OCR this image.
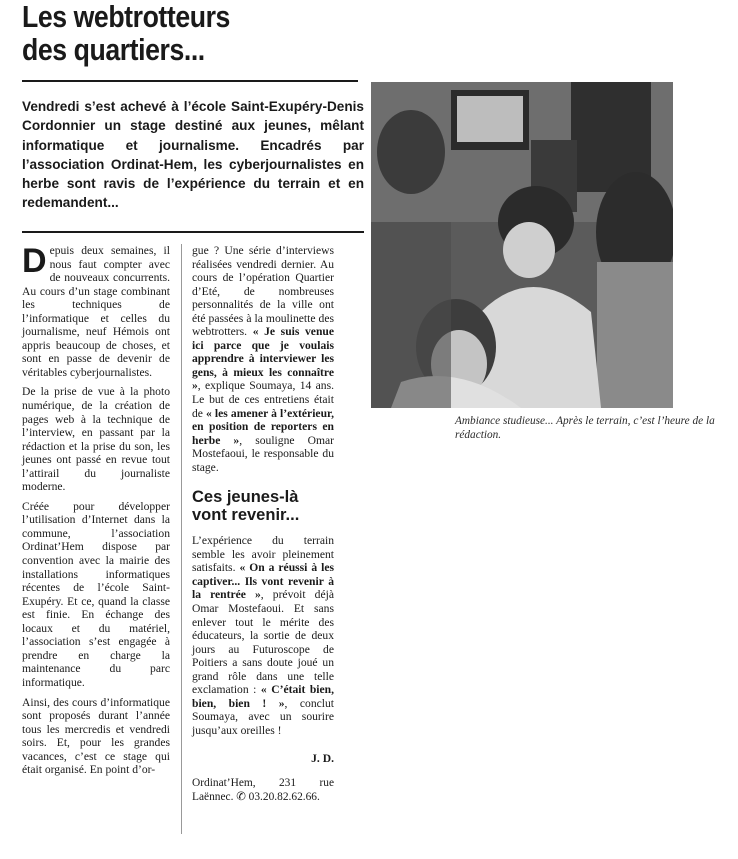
Les webtrotteurs
des quartiers...
Vendredi s’est achevé à l’école Saint-Exupéry-Denis Cordonnier un stage destiné aux jeunes, mêlant informatique et journalisme. Encadrés par l’association Ordinat-Hem, les cyberjournalistes en herbe sont ravis de l’expérience du terrain et en redemandent...

Depuis deux semaines, il nous faut compter avec de nouveaux concurrents. Au cours d’un stage combinant les techniques de l’informatique et celles du journalisme, neuf Hémois ont appris beaucoup de choses, et sont en passe de devenir de véritables cyberjournalistes.

De la prise de vue à la photo numérique, de la création de pages web à la technique de l’interview, en passant par la rédaction et la prise du son, les jeunes ont passé en revue tout l’attirail du journaliste moderne.

Créée pour développer l’utilisation d’Internet dans la commune, l’association Ordinat’Hem dispose par convention avec la mairie des installations informatiques récentes de l’école Saint-Exupéry. Et ce, quand la classe est finie. En échange des locaux et du matériel, l’association s’est engagée à prendre en charge la maintenance du parc informatique.

Ainsi, des cours d’informatique sont proposés durant l’année tous les mercredis et vendredi soirs. Et, pour les grandes vacances, c’est ce stage qui était organisé. En point d’or-

gue ? Une série d’interviews réalisées vendredi dernier. Au cours de l’opération Quartier d’Eté, de nombreuses personnalités de la ville ont été passées à la moulinette des webtrotters. « Je suis venue ici parce que je voulais apprendre à interviewer les gens, à mieux les connaître », explique Soumaya, 14 ans. Le but de ces entretiens était de « les amener à l’extérieur, en position de reporters en herbe », souligne Omar Mostefaoui, le responsable du stage.

Ces jeunes-là vont revenir...

L’expérience du terrain semble les avoir pleinement satisfaits. « On a réussi à les captiver... Ils vont revenir à la rentrée », prévoit déjà Omar Mostefaoui. Et sans enlever tout le mérite des éducateurs, la sortie de deux jours au Futuroscope de Poitiers a sans doute joué un grand rôle dans une telle exclamation : « C’était bien, bien, bien ! », conclut Soumaya, avec un sourire jusqu’aux oreilles !

J. D.

Ordinat’Hem, 231 rue Laënnec. ✆ 03.20.82.62.66.

Ambiance studieuse... Après le terrain, c’est l’heure de la rédaction.
